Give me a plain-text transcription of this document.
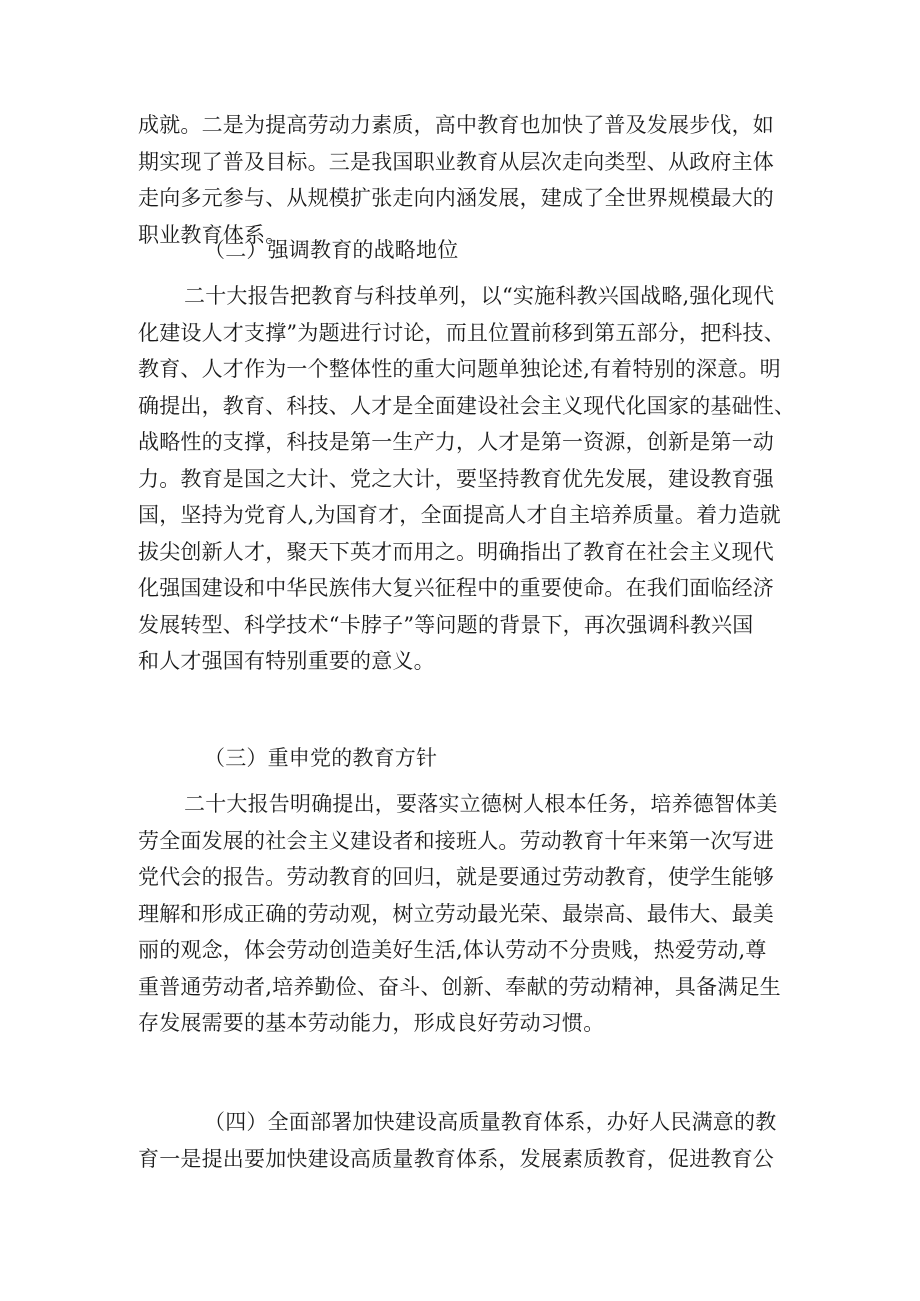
成就。二是为提高劳动力素质，高中教育也加快了普及发展步伐，如
期实现了普及目标。三是我国职业教育从层次走向类型、从政府主体
走向多元参与、从规模扩张走向内涵发展，建成了全世界规模最大的
职业教育体系。
（二）强调教育的战略地位
二十大报告把教育与科技单列，以“实施科教兴国战略,强化现代
化建设人才支撑”为题进行讨论，而且位置前移到第五部分，把科技、
教育、人才作为一个整体性的重大问题单独论述,有着特别的深意。明
确提出，教育、科技、人才是全面建设社会主义现代化国家的基础性、
战略性的支撑，科技是第一生产力，人才是第一资源，创新是第一动
力。教育是国之大计、党之大计，要坚持教育优先发展，建设教育强
国，坚持为党育人,为国育才，全面提高人才自主培养质量。着力造就
拔尖创新人才，聚天下英才而用之。明确指出了教育在社会主义现代
化强国建设和中华民族伟大复兴征程中的重要使命。在我们面临经济
发展转型、科学技术“卡脖子”等问题的背景下，再次强调科教兴国
和人才强国有特别重要的意义。
（三）重申党的教育方针
二十大报告明确提出，要落实立德树人根本任务，培养德智体美
劳全面发展的社会主义建设者和接班人。劳动教育十年来第一次写进
党代会的报告。劳动教育的回归，就是要通过劳动教育，使学生能够
理解和形成正确的劳动观，树立劳动最光荣、最崇高、最伟大、最美
丽的观念，体会劳动创造美好生活,体认劳动不分贵贱，热爱劳动,尊
重普通劳动者,培养勤俭、奋斗、创新、奉献的劳动精神，具备满足生
存发展需要的基本劳动能力，形成良好劳动习惯。
（四）全面部署加快建设高质量教育体系，办好人民满意的教
育一是提出要加快建设高质量教育体系，发展素质教育，促进教育公
